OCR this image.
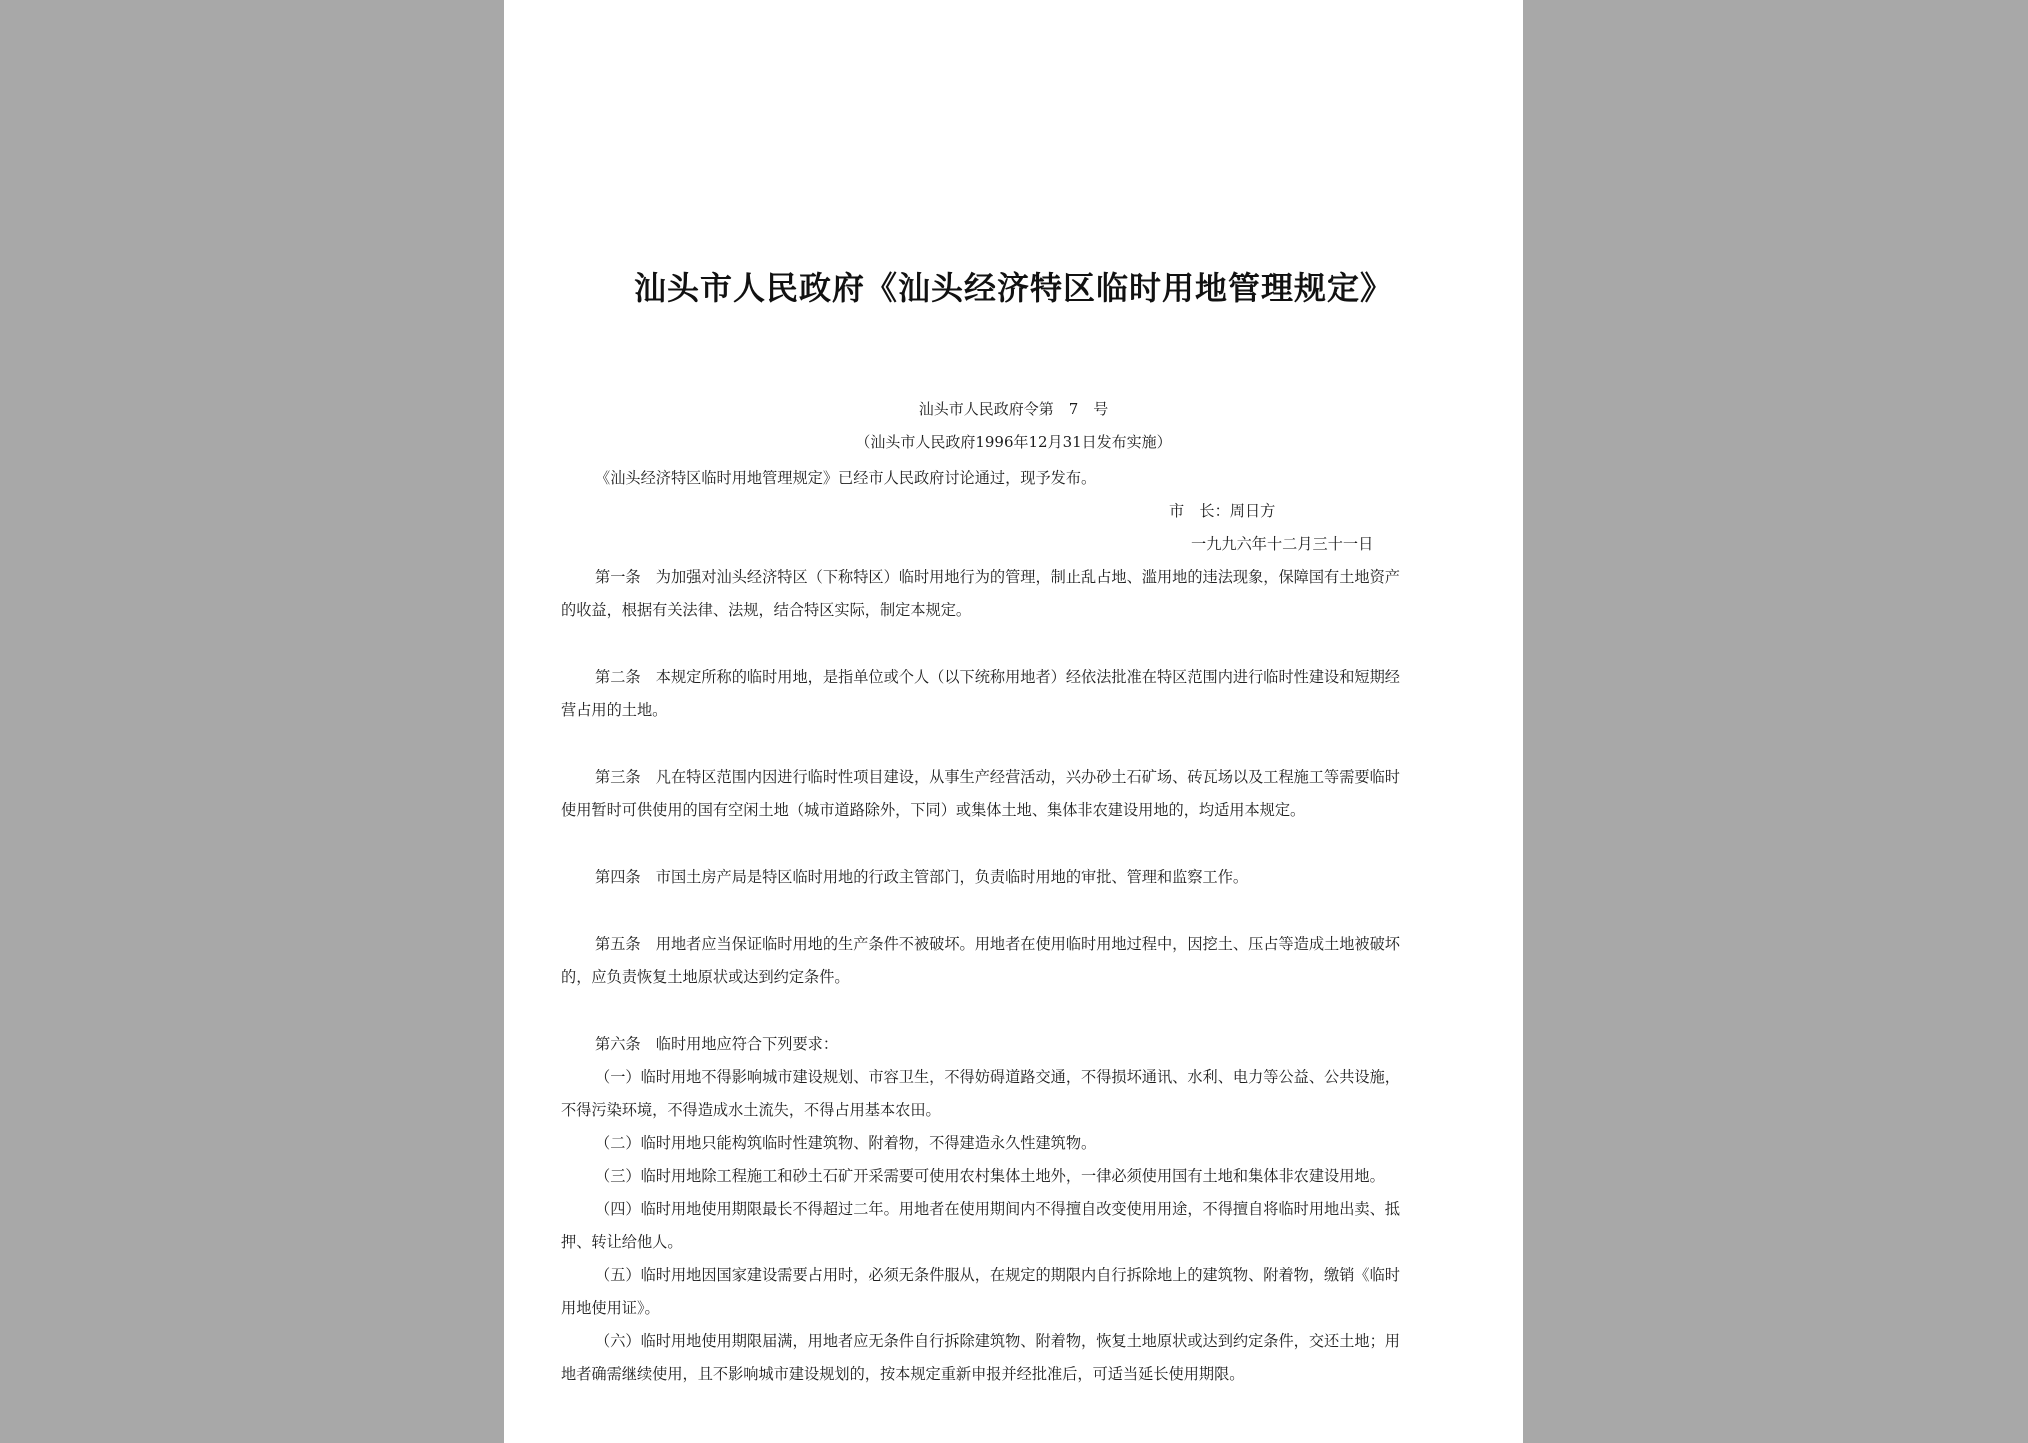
汕头市人民政府《汕头经济特区临时用地管理规定》
汕头市人民政府令第　7　号
（汕头市人民政府1996年12月31日发布实施）
《汕头经济特区临时用地管理规定》已经市人民政府讨论通过，现予发布。
市　长：周日方
一九九六年十二月三十一日
第一条　为加强对汕头经济特区（下称特区）临时用地行为的管理，制止乱占地、滥用地的违法现象，保障国有土地资产
的收益，根据有关法律、法规，结合特区实际，制定本规定。
第二条　本规定所称的临时用地，是指单位或个人（以下统称用地者）经依法批准在特区范围内进行临时性建设和短期经
营占用的土地。
第三条　凡在特区范围内因进行临时性项目建设，从事生产经营活动，兴办砂土石矿场、砖瓦场以及工程施工等需要临时
使用暂时可供使用的国有空闲土地（城市道路除外，下同）或集体土地、集体非农建设用地的，均适用本规定。
第四条　市国土房产局是特区临时用地的行政主管部门，负责临时用地的审批、管理和监察工作。
第五条　用地者应当保证临时用地的生产条件不被破坏。用地者在使用临时用地过程中，因挖土、压占等造成土地被破坏
的，应负责恢复土地原状或达到约定条件。
第六条　临时用地应符合下列要求：
（一）临时用地不得影响城市建设规划、市容卫生，不得妨碍道路交通，不得损坏通讯、水利、电力等公益、公共设施，
不得污染环境，不得造成水土流失，不得占用基本农田。
（二）临时用地只能构筑临时性建筑物、附着物，不得建造永久性建筑物。
（三）临时用地除工程施工和砂土石矿开采需要可使用农村集体土地外，一律必须使用国有土地和集体非农建设用地。
（四）临时用地使用期限最长不得超过二年。用地者在使用期间内不得擅自改变使用用途，不得擅自将临时用地出卖、抵
押、转让给他人。
（五）临时用地因国家建设需要占用时，必须无条件服从，在规定的期限内自行拆除地上的建筑物、附着物，缴销《临时
用地使用证》。
（六）临时用地使用期限届满，用地者应无条件自行拆除建筑物、附着物，恢复土地原状或达到约定条件，交还土地；用
地者确需继续使用，且不影响城市建设规划的，按本规定重新申报并经批准后，可适当延长使用期限。
